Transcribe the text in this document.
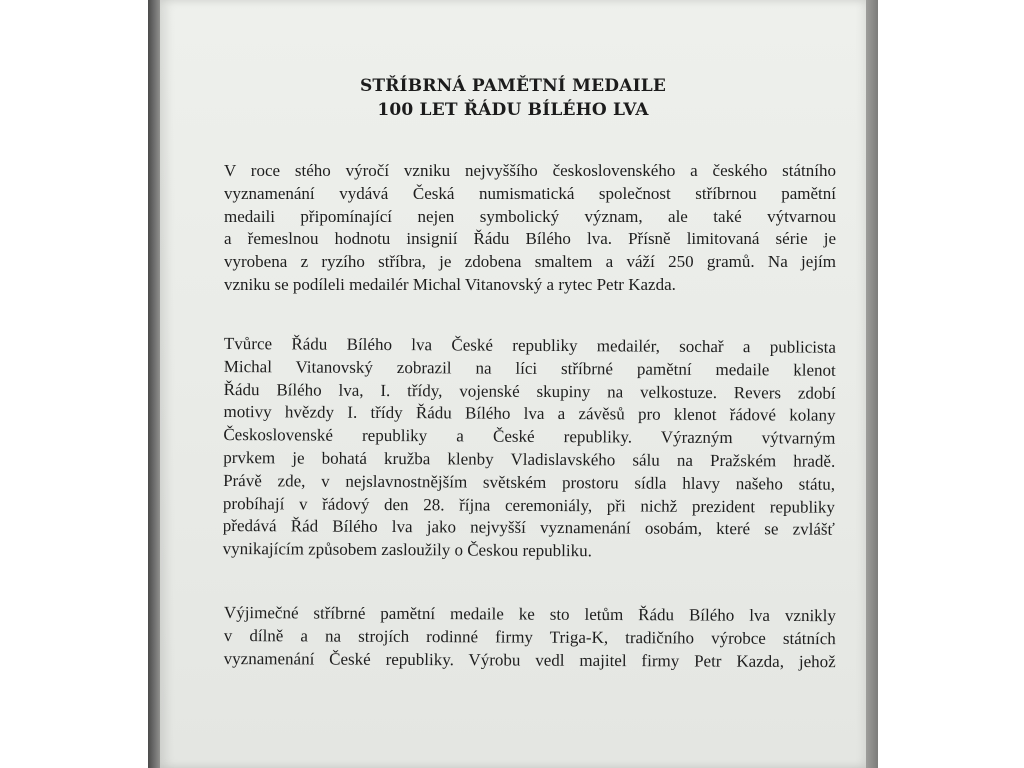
STŘÍBRNÁ PAMĚTNÍ MEDAILE
100 LET ŘÁDU BÍLÉHO LVA
V roce stého výročí vzniku nejvyššího československého a českého státního
vyznamenání vydává Česká numismatická společnost stříbrnou pamětní
medaili připomínající nejen symbolický význam, ale také výtvarnou
a řemeslnou hodnotu insignií Řádu Bílého lva. Přísně limitovaná série je
vyrobena z ryzího stříbra, je zdobena smaltem a váží 250 gramů. Na jejím
vzniku se podíleli medailér Michal Vitanovský a rytec Petr Kazda.
Tvůrce Řádu Bílého lva České republiky medailér, sochař a publicista
Michal Vitanovský zobrazil na líci stříbrné pamětní medaile klenot
Řádu Bílého lva, I. třídy, vojenské skupiny na velkostuze. Revers zdobí
motivy hvězdy I. třídy Řádu Bílého lva a závěsů pro klenot řádové kolany
Československé republiky a České republiky. Výrazným výtvarným
prvkem je bohatá kružba klenby Vladislavského sálu na Pražském hradě.
Právě zde, v nejslavnostnějším světském prostoru sídla hlavy našeho státu,
probíhají v řádový den 28. října ceremoniály, při nichž prezident republiky
předává Řád Bílého lva jako nejvyšší vyznamenání osobám, které se zvlášť
vynikajícím způsobem zasloužily o Českou republiku.
Výjimečné stříbrné pamětní medaile ke sto letům Řádu Bílého lva vznikly
v dílně a na strojích rodinné firmy Triga-K, tradičního výrobce státních
vyznamenání České republiky. Výrobu vedl majitel firmy Petr Kazda, jehož
